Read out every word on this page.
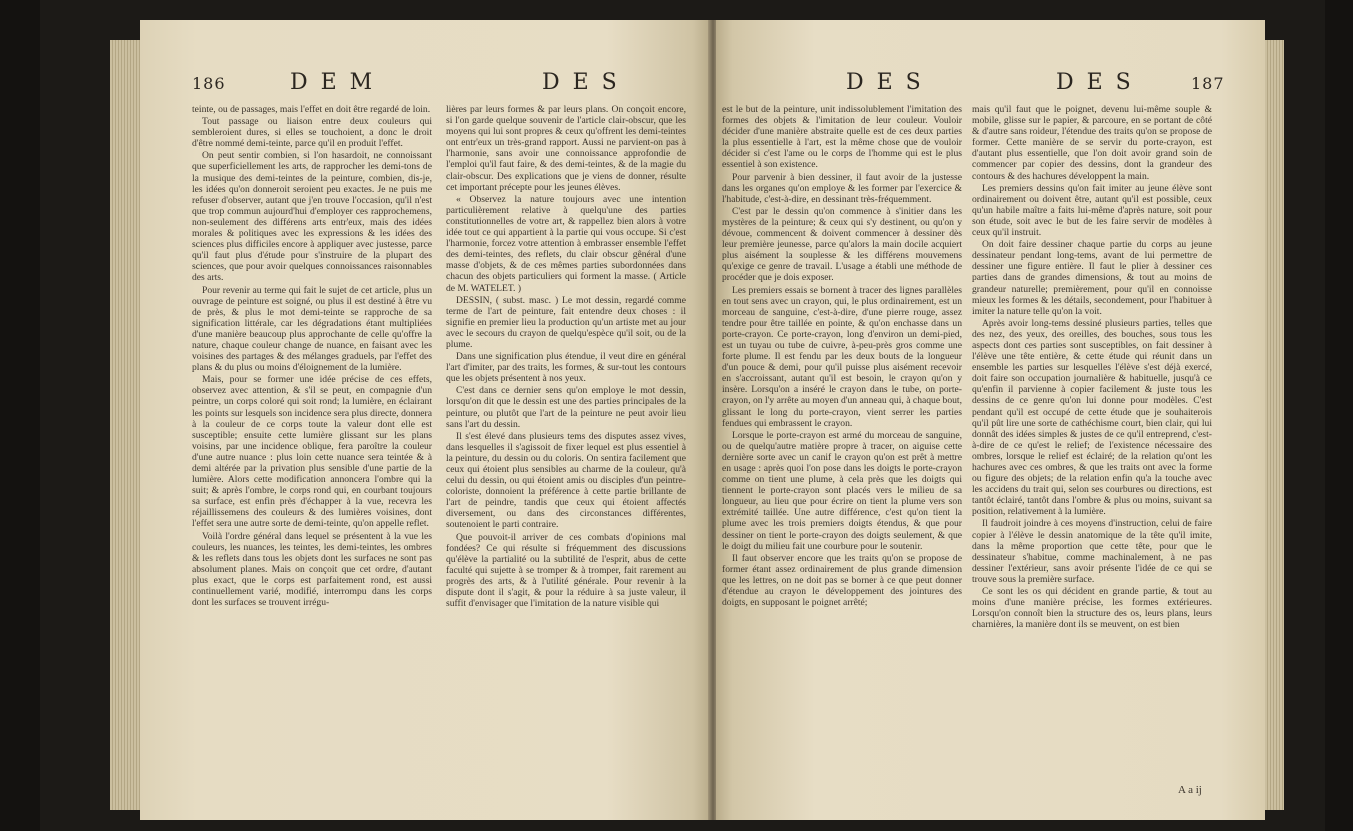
186	D E M	D E S

teinte, ou de passages, mais l'effet en doit être regardé de loin.

Tout passage ou liaison entre deux couleurs qui sembleroient dures, si elles se touchoient, a donc le droit d'être nommé demi-teinte, parce qu'il en produit l'effet.

On peut sentir combien, si l'on hasardoit, ne connoissant que superficiellement les arts, de rapprocher les demi-tons de la musique des demi-teintes de la peinture, combien, dis-je, les idées qu'on donneroit seroient peu exactes. Je ne puis me refuser d'observer, autant que j'en trouve l'occasion, qu'il n'est que trop commun aujourd'hui d'employer ces rapprochemens, non-seulement des différens arts entr'eux, mais des idées morales & politiques avec les expressions & les idées des sciences plus difficiles encore à appliquer avec justesse, parce qu'il faut plus d'étude pour s'instruire de la plupart des sciences, que pour avoir quelques connoissances raisonnables des arts.

Pour revenir au terme qui fait le sujet de cet article, plus un ouvrage de peinture est soigné, ou plus il est destiné à être vu de près, & plus le mot demi-teinte se rapproche de sa signification littérale, car les dégradations étant multipliées d'une manière beaucoup plus approchante de celle qu'offre la nature, chaque couleur change de nuance, en faisant avec les voisines des partages & des mélanges graduels, par l'effet des plans & du plus ou moins d'éloignement de la lumière.

Mais, pour se former une idée précise de ces effets, observez avec attention, & s'il se peut, en compagnie d'un peintre, un corps coloré qui soit rond; la lumière, en éclairant les points sur lesquels son incidence sera plus directe, donnera à la couleur de ce corps toute la valeur dont elle est susceptible; ensuite cette lumière glissant sur les plans voisins, par une incidence oblique, fera paroître la couleur d'une autre nuance : plus loin cette nuance sera teintée & à demi altérée par la privation plus sensible d'une partie de la lumière. Alors cette modification annoncera l'ombre qui la suit; & après l'ombre, le corps rond qui, en courbant toujours sa surface, est enfin près d'échapper à la vue, recevra les réjaillissemens des couleurs & des lumières voisines, dont l'effet sera une autre sorte de demi-teinte, qu'on appelle reflet.

Voilà l'ordre général dans lequel se présentent à la vue les couleurs, les nuances, les teintes, les demi-teintes, les ombres & les reflets dans tous les objets dont les surfaces ne sont pas absolument planes. Mais on conçoit que cet ordre, d'autant plus exact, que le corps est parfaitement rond, est aussi continuellement varié, modifié, interrompu dans les corps dont les surfaces se trouvent irrégu-

lières par leurs formes & par leurs plans. On conçoit encore, si l'on garde quelque souvenir de l'article clair-obscur, que les moyens qui lui sont propres & ceux qu'offrent les demi-teintes ont entr'eux un très-grand rapport. Aussi ne parvient-on pas à l'harmonie, sans avoir une connoissance approfondie de l'emploi qu'il faut faire, & des demi-teintes, & de la magie du clair-obscur. Des explications que je viens de donner, résulte cet important précepte pour les jeunes élèves.

« Observez la nature toujours avec une intention particulièrement relative à quelqu'une des parties constitutionnelles de votre art, & rappellez bien alors à votre idée tout ce qui appartient à la partie qui vous occupe. Si c'est l'harmonie, forcez votre attention à embrasser ensemble l'effet des demi-teintes, des reflets, du clair obscur gênéral d'une masse d'objets, & de ces mêmes parties subordonnées dans chacun des objets particuliers qui forment la masse. ( Article de M. WATELET. )

DESSIN, ( subst. masc. ) Le mot dessin, regardé comme terme de l'art de peinture, fait entendre deux choses : il signifie en premier lieu la production qu'un artiste met au jour avec le secours du crayon de quelqu'espèce qu'il soit, ou de la plume.

Dans une signification plus étendue, il veut dire en général l'art d'imiter, par des traits, les formes, & sur-tout les contours que les objets présentent à nos yeux.

C'est dans ce dernier sens qu'on employe le mot dessin, lorsqu'on dit que le dessin est une des parties principales de la peinture, ou plutôt que l'art de la peinture ne peut avoir lieu sans l'art du dessin.

Il s'est élevé dans plusieurs tems des disputes assez vives, dans lesquelles il s'agissoit de fixer lequel est plus essentiel à la peinture, du dessin ou du coloris. On sentira facilement que ceux qui étoient plus sensibles au charme de la couleur, qu'à celui du dessin, ou qui étoient amis ou disciples d'un peintre-coloriste, donnoient la préférence à cette partie brillante de l'art de peindre, tandis que ceux qui étoient affectés diversement, ou dans des circonstances différentes, soutenoient le parti contraire.

Que pouvoit-il arriver de ces combats d'opinions mal fondées? Ce qui résulte si fréquemment des discussions qu'élève la partialité ou la subtilité de l'esprit, abus de cette faculté qui sujette à se tromper & à tromper, fait rarement au progrès des arts, & à l'utilité générale. Pour revenir à la dispute dont il s'agit, & pour la réduire à sa juste valeur, il suffit d'envisager que l'imitation de la nature visible qui

D E S	D E S	187

est le but de la peinture, unit indissolublement l'imitation des formes des objets & l'imitation de leur couleur. Vouloir décider d'une manière abstraite quelle est de ces deux parties la plus essentielle à l'art, est la même chose que de vouloir décider si c'est l'ame ou le corps de l'homme qui est le plus essentiel à son existence.

Pour parvenir à bien dessiner, il faut avoir de la justesse dans les organes qu'on employe & les former par l'exercice & l'habitude, c'est-à-dire, en dessinant très-fréquemment.

C'est par le dessin qu'on commence à s'initier dans les mystères de la peinture; & ceux qui s'y destinent, ou qu'on y dévoue, commencent & doivent commencer à dessiner dès leur première jeunesse, parce qu'alors la main docile acquiert plus aisément la souplesse & les différens mouvemens qu'exige ce genre de travail. L'usage a établi une méthode de procéder que je dois exposer.

Les premiers essais se bornent à tracer des lignes parallèles en tout sens avec un crayon, qui, le plus ordinairement, est un morceau de sanguine, c'est-à-dire, d'une pierre rouge, assez tendre pour être taillée en pointe, & qu'on enchasse dans un porte-crayon. Ce porte-crayon, long d'environ un demi-pied, est un tuyau ou tube de cuivre, à-peu-près gros comme une forte plume. Il est fendu par les deux bouts de la longueur d'un pouce & demi, pour qu'il puisse plus aisément recevoir en s'accroissant, autant qu'il est besoin, le crayon qu'on y insère. Lorsqu'on a inséré le crayon dans le tube, on porte-crayon, on l'y arrête au moyen d'un anneau qui, à chaque bout, glissant le long du porte-crayon, vient serrer les parties fendues qui embrassent le crayon.

Lorsque le porte-crayon est armé du morceau de sanguine, ou de quelqu'autre matière propre à tracer, on aiguise cette dernière sorte avec un canif le crayon qu'on est prêt à mettre en usage : après quoi l'on pose dans les doigts le porte-crayon comme on tient une plume, à cela près que les doigts qui tiennent le porte-crayon sont placés vers le milieu de sa longueur, au lieu que pour écrire on tient la plume vers son extrémité taillée. Une autre différence, c'est qu'on tient la plume avec les trois premiers doigts étendus, & que pour dessiner on tient le porte-crayon des doigts seulement, & que le doigt du milieu fait une courbure pour le soutenir.

Il faut observer encore que les traits qu'on se propose de former étant assez ordinairement de plus grande dimension que les lettres, on ne doit pas se borner à ce que peut donner d'étendue au crayon le développement des jointures des doigts, en supposant le poignet arrêté;

mais qu'il faut que le poignet, devenu lui-même souple & mobile, glisse sur le papier, & parcoure, en se portant de côté & d'autre sans roideur, l'étendue des traits qu'on se propose de former. Cette manière de se servir du porte-crayon, est d'autant plus essentielle, que l'on doit avoir grand soin de commencer par copier des dessins, dont la grandeur des contours & des hachures développent la main.

Les premiers dessins qu'on fait imiter au jeune élève sont ordinairement ou doivent être, autant qu'il est possible, ceux qu'un habile maître a faits lui-même d'après nature, soit pour son étude, soit avec le but de les faire servir de modèles à ceux qu'il instruit.

On doit faire dessiner chaque partie du corps au jeune dessinateur pendant long-tems, avant de lui permettre de dessiner une figure entière. Il faut le plier à dessiner ces parties dans de grandes dimensions, & tout au moins de grandeur naturelle; premièrement, pour qu'il en connoisse mieux les formes & les détails, secondement, pour l'habituer à imiter la nature telle qu'on la voit.

Après avoir long-tems dessiné plusieurs parties, telles que des nez, des yeux, des oreilles, des bouches, sous tous les aspects dont ces parties sont susceptibles, on fait dessiner à l'élève une tête entière, & cette étude qui réunit dans un ensemble les parties sur lesquelles l'élève s'est déjà exercé, doit faire son occupation journalière & habituelle, jusqu'à ce qu'enfin il parvienne à copier facilement & juste tous les dessins de ce genre qu'on lui donne pour modèles. C'est pendant qu'il est occupé de cette étude que je souhaiterois qu'il pût lire une sorte de cathéchisme court, bien clair, qui lui donnât des idées simples & justes de ce qu'il entreprend, c'est-à-dire de ce qu'est le relief; de l'existence nécessaire des ombres, lorsque le relief est éclairé; de la relation qu'ont les hachures avec ces ombres, & que les traits ont avec la forme ou figure des objets; de la relation enfin qu'a la touche avec les accidens du trait qui, selon ses courbures ou directions, est tantôt éclairé, tantôt dans l'ombre & plus ou moins, suivant sa position, relativement à la lumière.

Il faudroit joindre à ces moyens d'instruction, celui de faire copier à l'élève le dessin anatomique de la tête qu'il imite, dans la même proportion que cette tête, pour que le dessinateur s'habitue, comme machinalement, à ne pas dessiner l'extérieur, sans avoir présente l'idée de ce qui se trouve sous la première surface.

Ce sont les os qui décident en grande partie, & tout au moins d'une manière précise, les formes extérieures. Lorsqu'on connoît bien la structure des os, leurs plans, leurs charnières, la manière dont ils se meuvent, on est bien

A a ij
